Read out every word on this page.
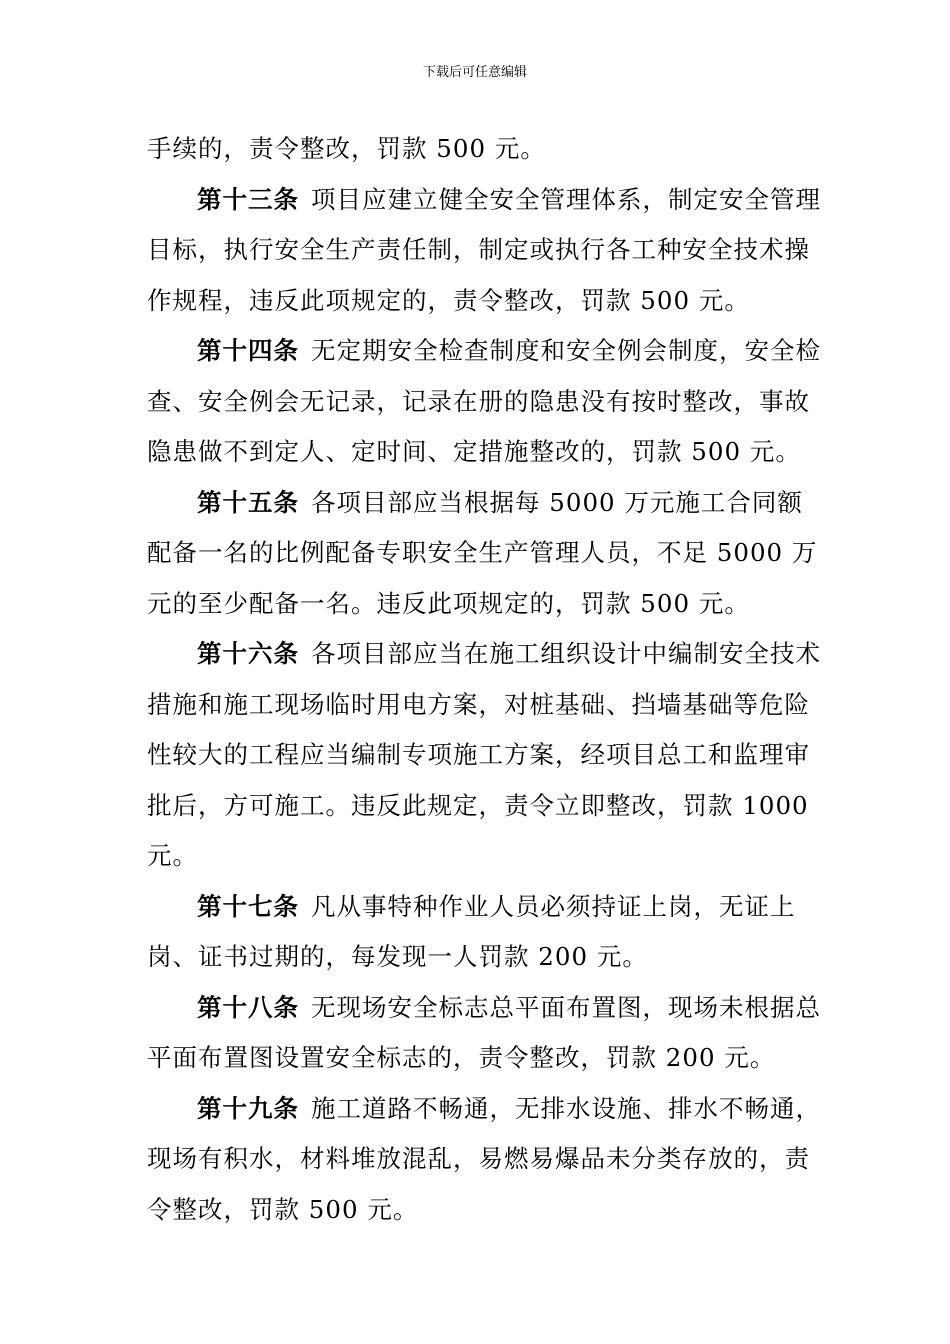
下载后可任意编辑

手续的，责令整改，罚款 500 元。

第十三条 项目应建立健全安全管理体系，制定安全管理目标，执行安全生产责任制，制定或执行各工种安全技术操作规程，违反此项规定的，责令整改，罚款 500 元。

第十四条 无定期安全检查制度和安全例会制度，安全检查、安全例会无记录，记录在册的隐患没有按时整改，事故隐患做不到定人、定时间、定措施整改的，罚款 500 元。

第十五条 各项目部应当根据每 5000 万元施工合同额配备一名的比例配备专职安全生产管理人员，不足 5000 万元的至少配备一名。违反此项规定的，罚款 500 元。

第十六条 各项目部应当在施工组织设计中编制安全技术措施和施工现场临时用电方案，对桩基础、挡墙基础等危险性较大的工程应当编制专项施工方案，经项目总工和监理审批后，方可施工。违反此规定，责令立即整改，罚款 1000 元。

第十七条 凡从事特种作业人员必须持证上岗，无证上岗、证书过期的，每发现一人罚款 200 元。

第十八条 无现场安全标志总平面布置图，现场未根据总平面布置图设置安全标志的，责令整改，罚款 200 元。

第十九条 施工道路不畅通，无排水设施、排水不畅通，现场有积水，材料堆放混乱，易燃易爆品未分类存放的，责令整改，罚款 500 元。
